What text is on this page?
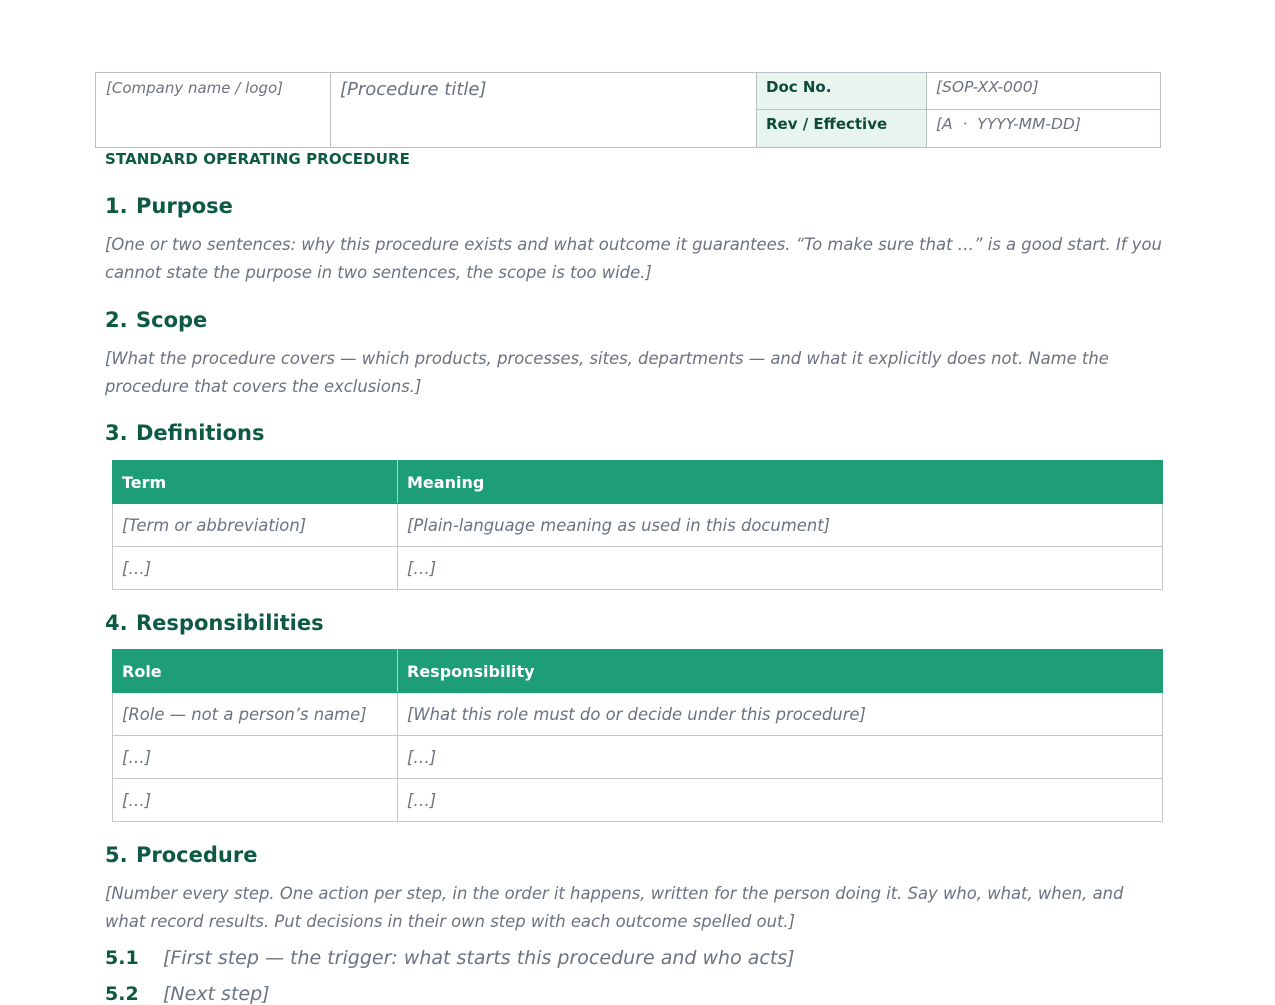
[Company name / logo]	[Procedure title]	Doc No.	[SOP-XX-000]
Rev / Effective	[A  ·  YYYY-MM-DD]
STANDARD OPERATING PROCEDURE
1. Purpose
[One or two sentences: why this procedure exists and what outcome it guarantees. “To make sure that …” is a good start. If you cannot state the purpose in two sentences, the scope is too wide.]
2. Scope
[What the procedure covers — which products, processes, sites, departments — and what it explicitly does not. Name the procedure that covers the exclusions.]
3. Definitions
Term	Meaning
[Term or abbreviation]	[Plain-language meaning as used in this document]
[…]	[…]
4. Responsibilities
Role	Responsibility
[Role — not a person’s name]	[What this role must do or decide under this procedure]
[…]	[…]
[…]	[…]
5. Procedure
[Number every step. One action per step, in the order it happens, written for the person doing it. Say who, what, when, and what record results. Put decisions in their own step with each outcome spelled out.]
5.1 [First step — the trigger: what starts this procedure and who acts]
5.2 [Next step]
